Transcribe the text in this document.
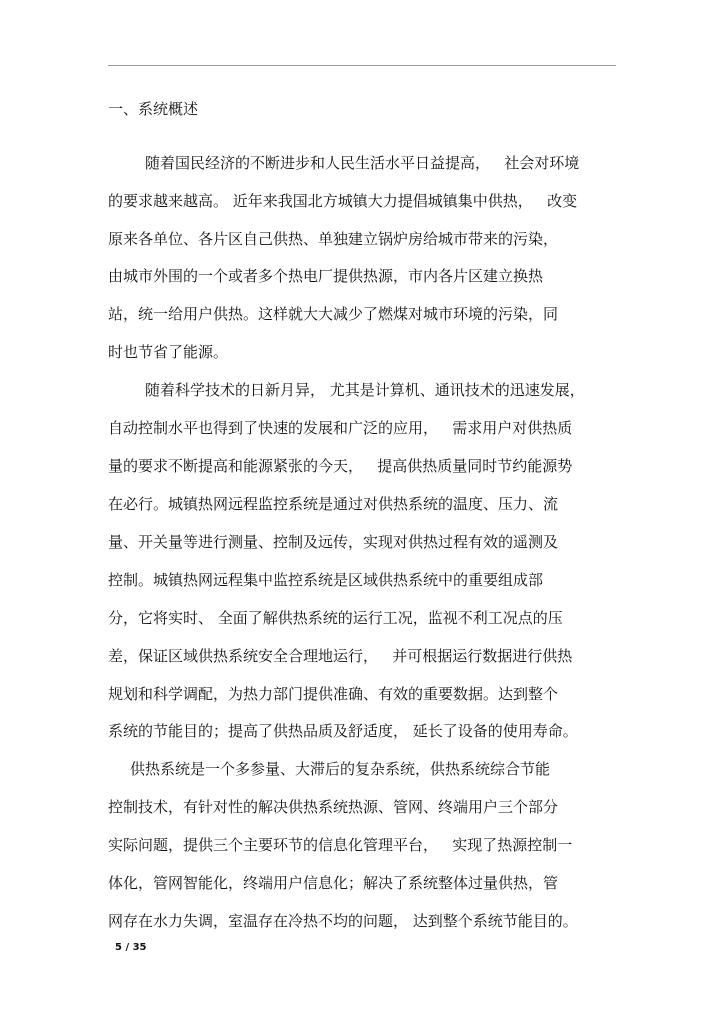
一、系统概述
随着国民经济的不断进步和人民生活水平日益提高，   社会对环境
的要求越来越高。 近年来我国北方城镇大力提倡城镇集中供热，   改变
原来各单位、各片区自己供热、单独建立锅炉房给城市带来的污染，
由城市外围的一个或者多个热电厂提供热源，市内各片区建立换热
站，统一给用户供热。这样就大大减少了燃煤对城市环境的污染，同
时也节省了能源。
随着科学技术的日新月异， 尤其是计算机、通讯技术的迅速发展，
自动控制水平也得到了快速的发展和广泛的应用，   需求用户对供热质
量的要求不断提高和能源紧张的今天，   提高供热质量同时节约能源势
在必行。城镇热网远程监控系统是通过对供热系统的温度、压力、流
量、开关量等进行测量、控制及远传，实现对供热过程有效的遥测及
控制。城镇热网远程集中监控系统是区域供热系统中的重要组成部
分，它将实时、 全面了解供热系统的运行工况，监视不利工况点的压
差，保证区域供热系统安全合理地运行，   并可根据运行数据进行供热
规划和科学调配，为热力部门提供准确、有效的重要数据。达到整个
系统的节能目的；提高了供热品质及舒适度， 延长了设备的使用寿命。
供热系统是一个多参量、大滞后的复杂系统，供热系统综合节能
控制技术，有针对性的解决供热系统热源、管网、终端用户三个部分
实际问题，提供三个主要环节的信息化管理平台，   实现了热源控制一
体化，管网智能化，终端用户信息化；解决了系统整体过量供热，管
网存在水力失调，室温存在冷热不均的问题， 达到整个系统节能目的。
5 / 35
